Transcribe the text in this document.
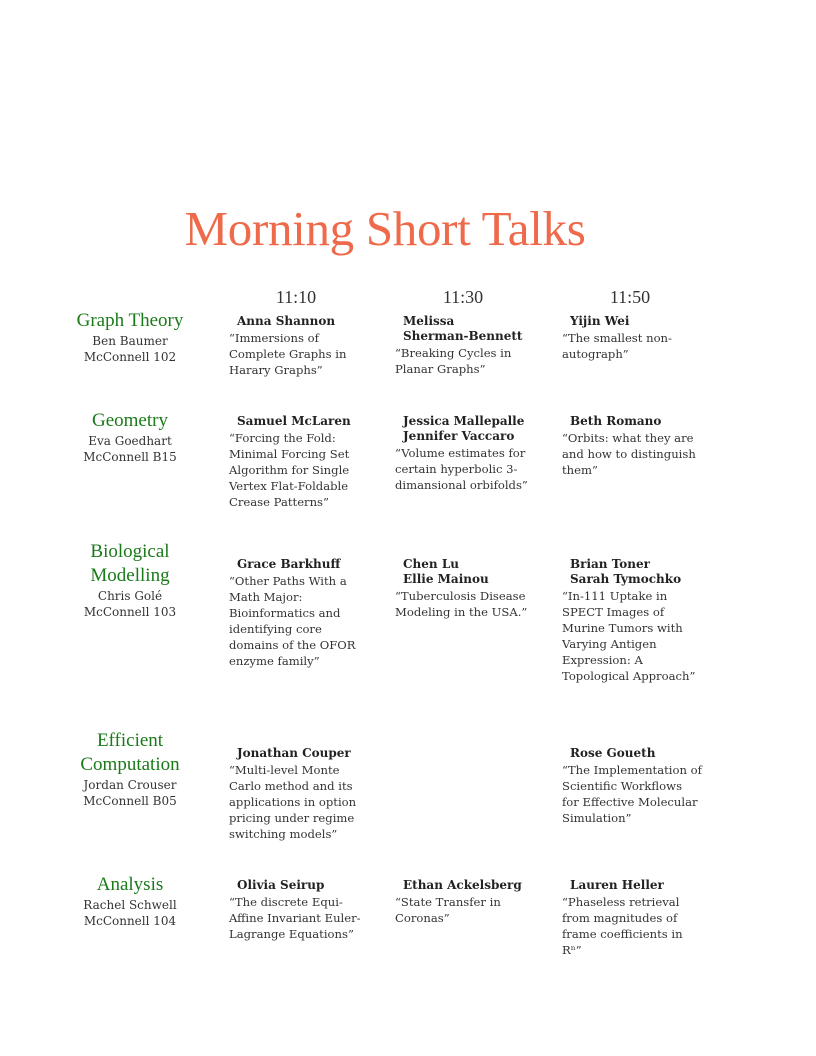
Morning Short Talks
11:10	11:30	11:50
Graph Theory
Ben Baumer
McConnell 102
Anna Shannon
“Immersions of Complete Graphs in Harary Graphs”
Melissa
Sherman-Bennett
“Breaking Cycles in Planar Graphs”
Yijin Wei
“The smallest non-autograph”
Geometry
Eva Goedhart
McConnell B15
Samuel McLaren
“Forcing the Fold: Minimal Forcing Set Algorithm for Single Vertex Flat-Foldable Crease Patterns”
Jessica Mallepalle
Jennifer Vaccaro
“Volume estimates for certain hyperbolic 3-dimansional orbifolds”
Beth Romano
“Orbits: what they are and how to distinguish them”
Biological Modelling
Chris Golé
McConnell 103
Grace Barkhuff
“Other Paths With a Math Major: Bioinformatics and identifying core domains of the OFOR enzyme family”
Chen Lu
Ellie Mainou
“Tuberculosis Disease Modeling in the USA.”
Brian Toner
Sarah Tymochko
“In-111 Uptake in SPECT Images of Murine Tumors with Varying Antigen Expression: A Topological Approach”
Efficient Computation
Jordan Crouser
McConnell B05
Jonathan Couper
“Multi-level Monte Carlo method and its applications in option pricing under regime switching models”
Rose Goueth
“The Implementation of Scientific Workflows for Effective Molecular Simulation”
Analysis
Rachel Schwell
McConnell 104
Olivia Seirup
“The discrete Equi-Affine Invariant Euler-Lagrange Equations”
Ethan Ackelsberg
“State Transfer in Coronas”
Lauren Heller
“Phaseless retrieval from magnitudes of frame coefficients in Rⁿ”
